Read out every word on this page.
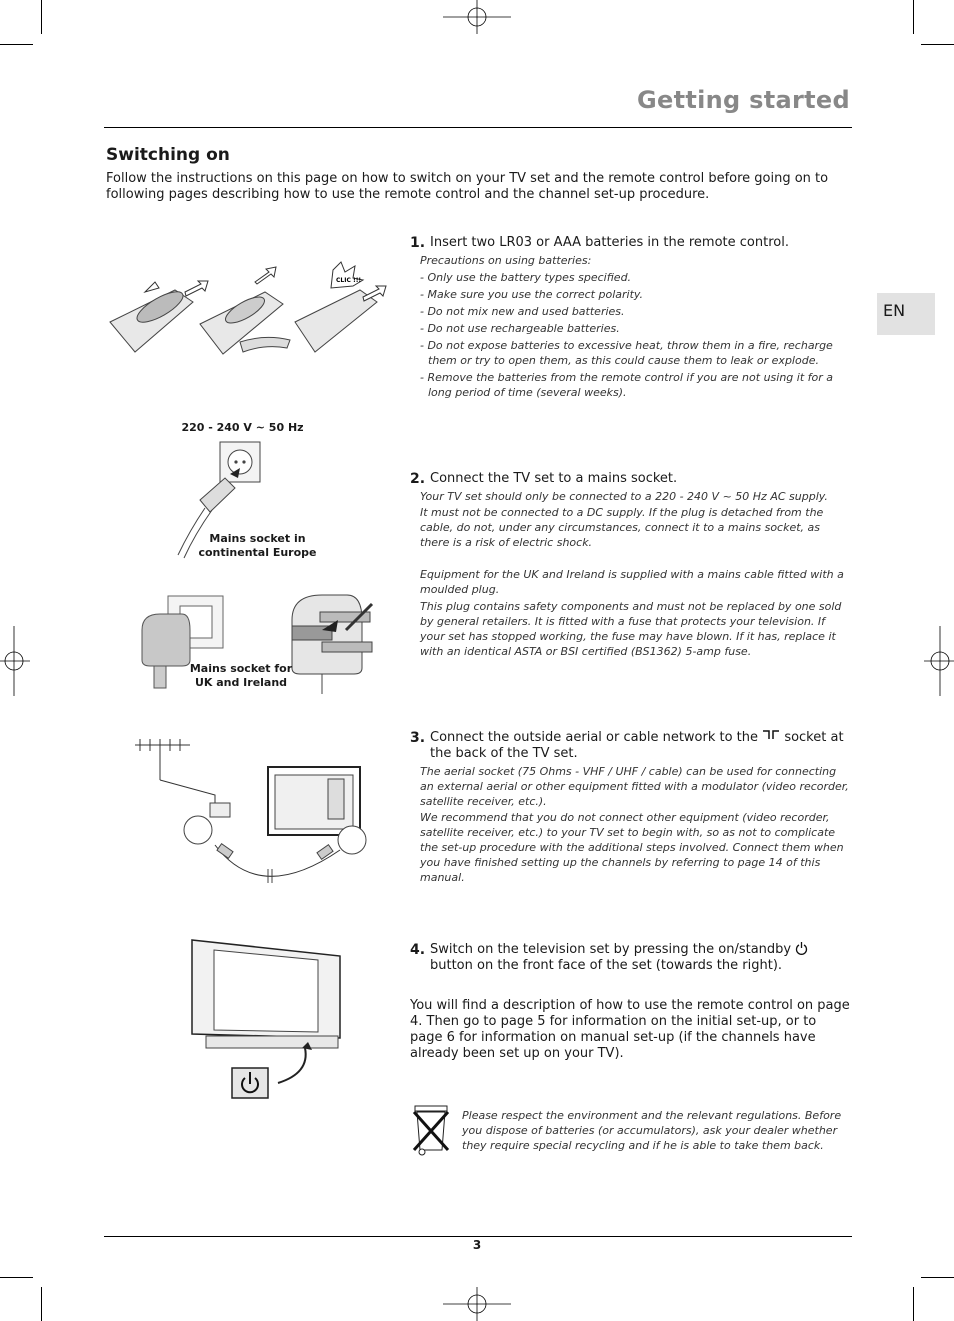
Getting started
Switching on
Follow the instructions on this page on how to switch on your TV set and the remote control before going on to following pages describing how to use the remote control and the channel set-up procedure.
EN
CLIC !!!
1. Insert two LR03 or AAA batteries in the remote control.

Precautions on using batteries:

- Only use the battery types specified.

- Make sure you use the correct polarity.

- Do not mix new and used batteries.

- Do not use rechargeable batteries.

- Do not expose batteries to excessive heat, throw them in a fire, recharge them or try to open them, as this could cause them to leak or explode.

- Remove the batteries from the remote control if you are not using it for a long period of time (several weeks).

220 - 240 V ~ 50 Hz
Mains socket in
continental Europe
Mains socket for
UK and Ireland
2. Connect the TV set to a mains socket.

Your TV set should only be connected to a 220 - 240 V ~ 50 Hz AC supply.

It must not be connected to a DC supply. If the plug is detached from the cable, do not, under any circumstances, connect it to a mains socket, as there is a risk of electric shock.

Equipment for the UK and Ireland is supplied with a mains cable fitted with a moulded plug.

This plug contains safety components and must not be replaced by one sold by general retailers. It is fitted with a fuse that protects your television. If your set has stopped working, the fuse may have blown. If it has, replace it with an identical ASTA or BSI certified (BS1362) 5-amp fuse.

3. Connect the outside aerial or cable network to the socket at the back of the TV set.

The aerial socket (75 Ohms - VHF / UHF / cable) can be used for connecting an external aerial or other equipment fitted with a modulator (video recorder, satellite receiver, etc.).

We recommend that you do not connect other equipment (video recorder, satellite receiver, etc.) to your TV set to begin with, so as not to complicate the set-up procedure with the additional steps involved. Connect them when you have finished setting up the channels by referring to page 14 of this manual.

4. Switch on the television set by pressing the on/standby
button on the front face of the set (towards the right).
You will find a description of how to use the remote control on page 4. Then go to page 5 for information on the initial set-up, or to page 6 for information on manual set-up (if the channels have already been set up on your TV).
Please respect the environment and the relevant regulations. Before you dispose of batteries (or accumulators), ask your dealer whether they require special recycling and if he is able to take them back.
3
